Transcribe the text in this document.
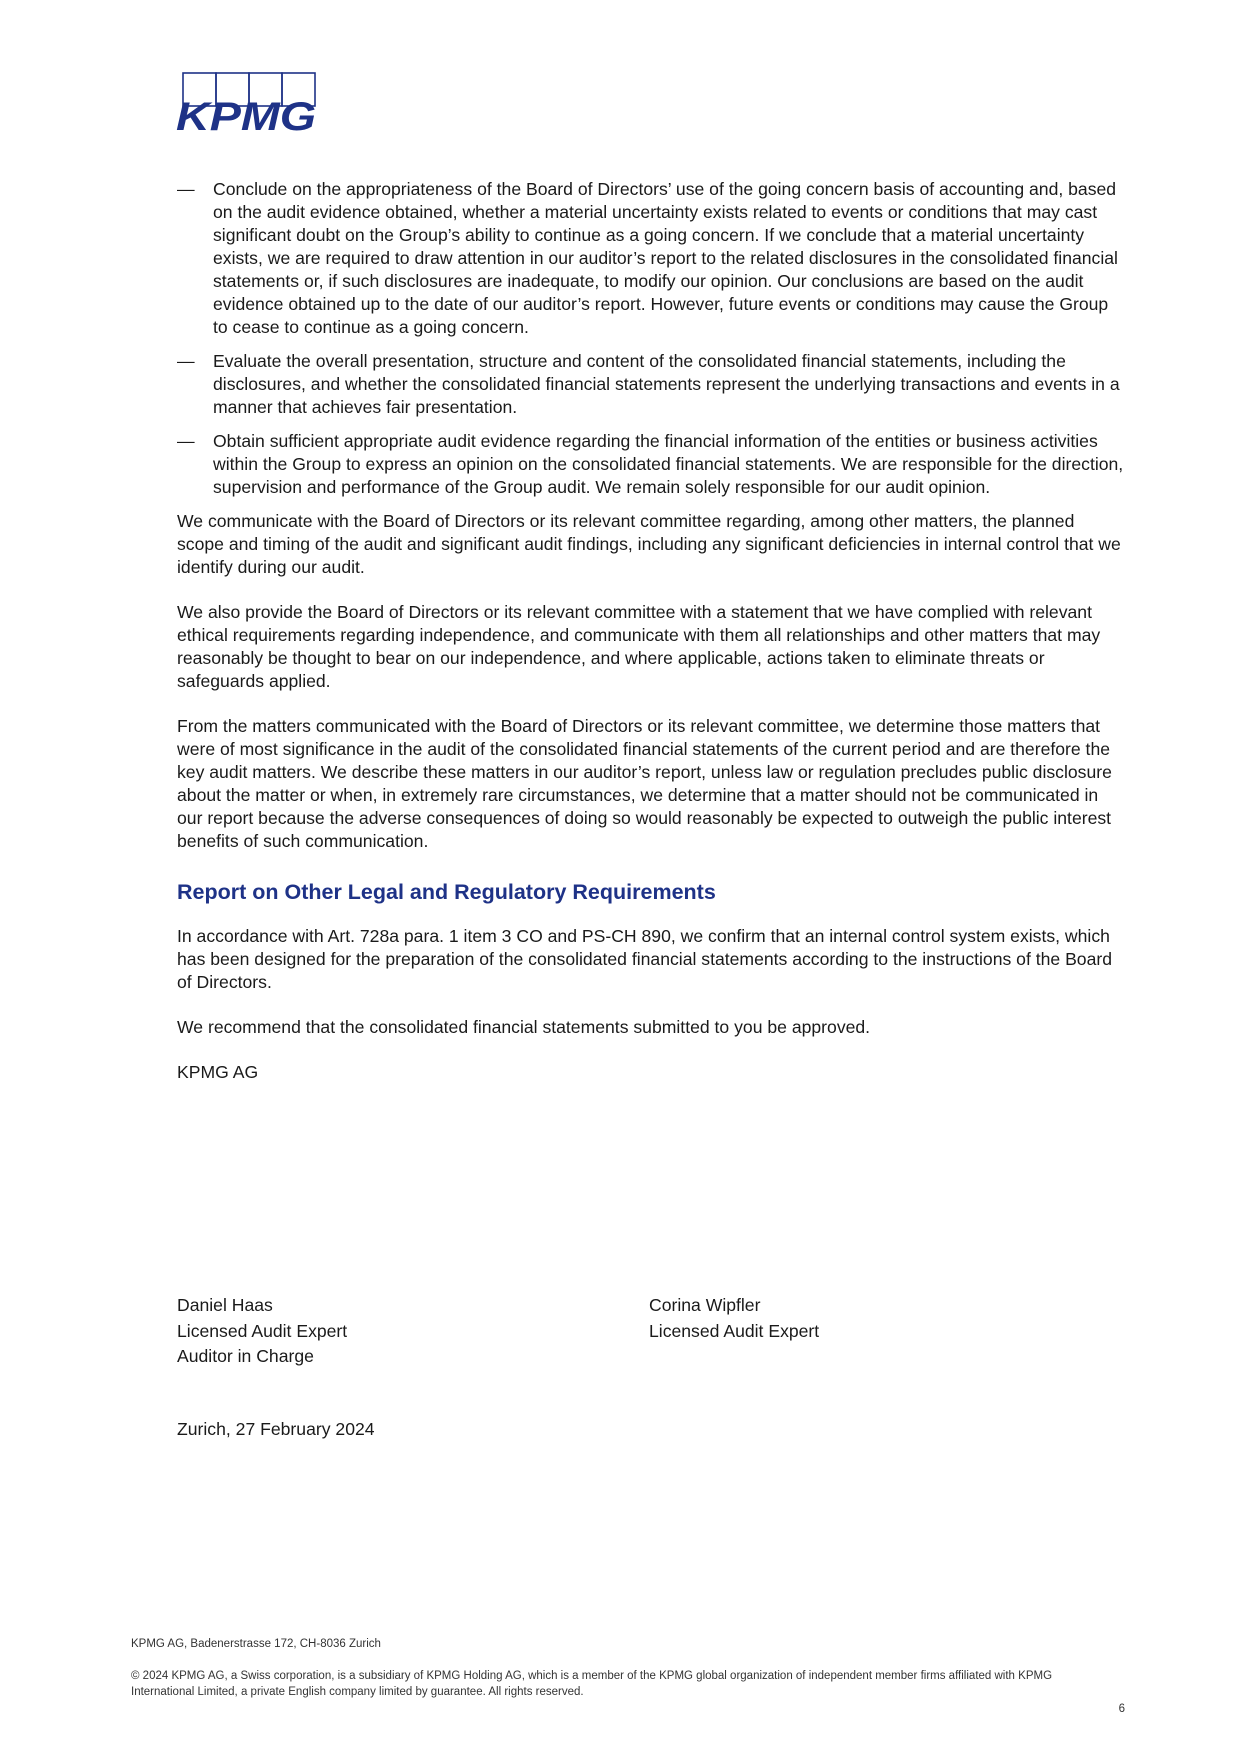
KPMG
— Conclude on the appropriateness of the Board of Directors’ use of the going concern basis of accounting and, based on the audit evidence obtained, whether a material uncertainty exists related to events or conditions that may cast significant doubt on the Group’s ability to continue as a going concern. If we conclude that a material uncertainty exists, we are required to draw attention in our auditor’s report to the related disclosures in the consolidated financial statements or, if such disclosures are inadequate, to modify our opinion. Our conclusions are based on the audit evidence obtained up to the date of our auditor’s report. However, future events or conditions may cause the Group to cease to continue as a going concern.
— Evaluate the overall presentation, structure and content of the consolidated financial statements, including the disclosures, and whether the consolidated financial statements represent the underlying transactions and events in a manner that achieves fair presentation.
— Obtain sufficient appropriate audit evidence regarding the financial information of the entities or business activities within the Group to express an opinion on the consolidated financial statements. We are responsible for the direction, supervision and performance of the Group audit. We remain solely responsible for our audit opinion.

We communicate with the Board of Directors or its relevant committee regarding, among other matters, the planned scope and timing of the audit and significant audit findings, including any significant deficiencies in internal control that we identify during our audit.

We also provide the Board of Directors or its relevant committee with a statement that we have complied with relevant ethical requirements regarding independence, and communicate with them all relationships and other matters that may reasonably be thought to bear on our independence, and where applicable, actions taken to eliminate threats or safeguards applied.

From the matters communicated with the Board of Directors or its relevant committee, we determine those matters that were of most significance in the audit of the consolidated financial statements of the current period and are therefore the key audit matters. We describe these matters in our auditor’s report, unless law or regulation precludes public disclosure about the matter or when, in extremely rare circumstances, we determine that a matter should not be communicated in our report because the adverse consequences of doing so would reasonably be expected to outweigh the public interest benefits of such communication.

Report on Other Legal and Regulatory Requirements

In accordance with Art. 728a para. 1 item 3 CO and PS-CH 890, we confirm that an internal control system exists, which has been designed for the preparation of the consolidated financial statements according to the instructions of the Board of Directors.

We recommend that the consolidated financial statements submitted to you be approved.

KPMG AG

Daniel Haas
Licensed Audit Expert
Auditor in Charge
Corina Wipfler
Licensed Audit Expert
Zurich, 27 February 2024
KPMG AG, Badenerstrasse 172, CH-8036 Zurich
© 2024 KPMG AG, a Swiss corporation, is a subsidiary of KPMG Holding AG, which is a member of the KPMG global organization of independent member firms affiliated with KPMG International Limited, a private English company limited by guarantee. All rights reserved.
6
